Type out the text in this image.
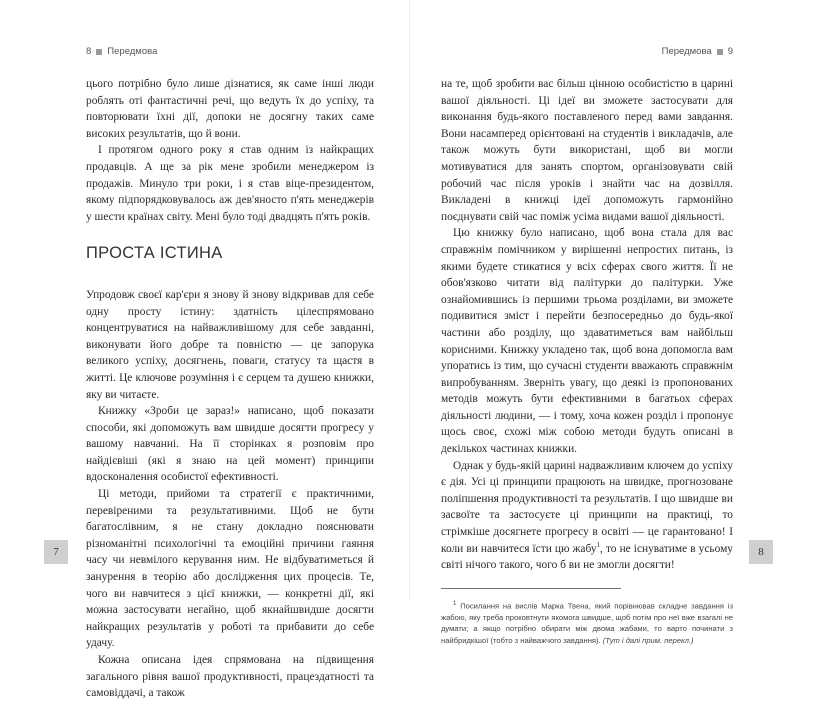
8 Передмова

цього потрібно було лише дізнатися, як саме інші люди роблять оті фантастичні речі, що ведуть їх до успіху, та повторювати їхні дії, допоки не досягну таких саме високих результатів, що й вони.

І протягом одного року я став одним із найкращих продавців. А ще за рік мене зробили менеджером із продажів. Минуло три роки, і я став віце-президентом, якому підпорядковувалось аж дев'яносто п'ять менеджерів у шести країнах світу. Мені було тоді двадцять п'ять років.

ПРОСТА ІСТИНА

Упродовж своєї кар'єри я знову й знову відкривав для себе одну просту істину: здатність цілеспрямовано концентруватися на найважливішому для себе завданні, виконувати його добре та повністю — це запорука великого успіху, досягнень, поваги, статусу та щастя в житті. Це ключове розуміння і є серцем та душею книжки, яку ви читаєте.

Книжку «Зроби це зараз!» написано, щоб показати способи, які допоможуть вам швидше досягти прогресу у вашому навчанні. На її сторінках я розповім про найдієвіші (які я знаю на цей момент) принципи вдосконалення особистої ефективності.

Ці методи, прийоми та стратегії є практичними, перевіреними та результативними. Щоб не бути багатослівним, я не стану докладно пояснювати різноманітні психологічні та емоційні причини гаяння часу чи невмілого керування ним. Не відбуватиметься й занурення в теорію або дослідження цих процесів. Те, чого ви навчитеся з цієї книжки, — конкретні дії, які можна застосувати негайно, щоб якнайшвидше досягти найкращих результатів у роботі та прибавити до себе удачу.

Кожна описана ідея спрямована на підвищення загального рівня вашої продуктивності, працездатності та самовіддачі, а також

7
Передмова 9

на те, щоб зробити вас більш цінною особистістю в царині вашої діяльності. Ці ідеї ви зможете застосувати для виконання будь-якого поставленого перед вами завдання. Вони насамперед орієнтовані на студентів і викладачів, але також можуть бути використані, щоб ви могли мотивуватися для занять спортом, організовувати свій робочий час після уроків і знайти час на дозвілля. Викладені в книжці ідеї допоможуть гармонійно поєднувати свій час поміж усіма видами вашої діяльності.

Цю книжку було написано, щоб вона стала для вас справжнім помічником у вирішенні непростих питань, із якими будете стикатися у всіх сферах свого життя. Її не обов'язково читати від палітурки до палітурки. Уже ознайомившись із першими трьома розділами, ви зможете подивитися зміст і перейти безпосередньо до будь-якої частини або розділу, що здаватиметься вам найбільш корисними. Книжку укладено так, щоб вона допомогла вам упоратись із тим, що сучасні студенти вважають справжнім випробуванням. Зверніть увагу, що деякі із пропонованих методів можуть бути ефективними в багатьох сферах діяльності людини, — і тому, хоча кожен розділ і пропонує щось своє, схожі між собою методи будуть описані в декількох частинах книжки.

Однак у будь-якій царині надважливим ключем до успіху є дія. Усі ці принципи працюють на швидке, прогнозоване поліпшення продуктивності та результатів. І що швидше ви засвоїте та застосуєте ці принципи на практиці, то стрімкіше досягнете прогресу в освіті — це гарантовано! І коли ви навчитеся їсти цю жабу$^1$, то не існуватиме в усьому світі нічого такого, чого б ви не змогли досягти!

$^1$ Посилання на вислів Марка Твена, який порівнював складне завдання із жабою, яку треба проковтнути якомога швидше, щоб потім про неї вже взагалі не думати; а якщо потрібно обирати між двома жабами, то варто починати з найбридкішої (тобто з найважчого завдання). (Тут і далі прим. перекл.)

8
